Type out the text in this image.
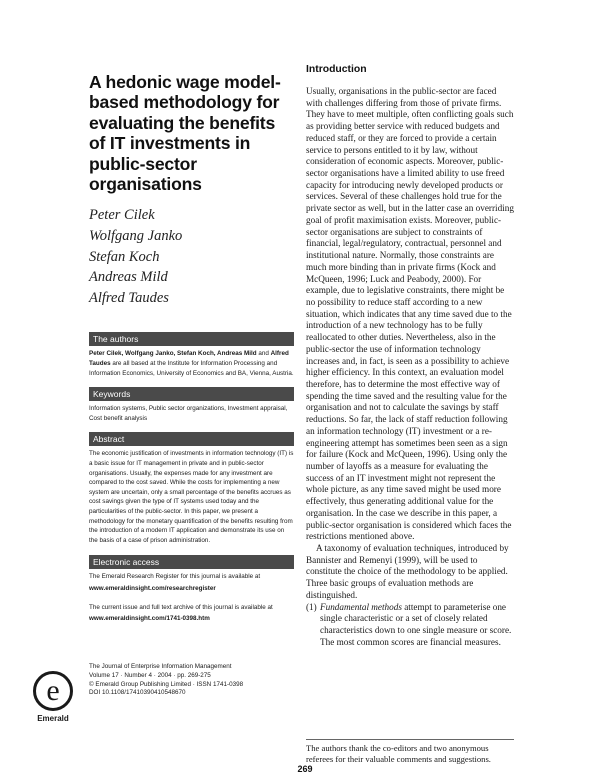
A hedonic wage model-based methodology for evaluating the benefits of IT investments in public-sector organisations
Peter Cilek
Wolfgang Janko
Stefan Koch
Andreas Mild
Alfred Taudes
The authors

Peter Cilek, Wolfgang Janko, Stefan Koch, Andreas Mild and Alfred Taudes are all based at the Institute for Information Processing and Information Economics, University of Economics and BA, Vienna, Austria.

Keywords

Information systems, Public sector organizations, Investment appraisal, Cost benefit analysis

Abstract

The economic justification of investments in information technology (IT) is a basic issue for IT management in private and in public-sector organisations. Usually, the expenses made for any investment are compared to the cost saved. While the costs for implementing a new system are uncertain, only a small percentage of the benefits accrues as cost savings given the type of IT systems used today and the particularities of the public-sector. In this paper, we present a methodology for the monetary quantification of the benefits resulting from the introduction of a modern IT application and demonstrate its use on the basis of a case of prison administration.

Electronic access

The Emerald Research Register for this journal is available at

www.emeraldinsight.com/researchregister

The current issue and full text archive of this journal is available at

www.emeraldinsight.com/1741-0398.htm

e
Emerald
The Journal of Enterprise Information Management
Volume 17 · Number 4 · 2004 · pp. 269-275
© Emerald Group Publishing Limited · ISSN 1741-0398
DOI 10.1108/17410390410548670
Introduction

Usually, organisations in the public-sector are faced with challenges differing from those of private firms. They have to meet multiple, often conflicting goals such as providing better service with reduced budgets and reduced staff, or they are forced to provide a certain service to persons entitled to it by law, without consideration of economic aspects. Moreover, public-sector organisations have a limited ability to use freed capacity for introducing newly developed products or services. Several of these challenges hold true for the private sector as well, but in the latter case an overriding goal of profit maximisation exists. Moreover, public-sector organisations are subject to constraints of financial, legal/regulatory, contractual, personnel and institutional nature. Normally, those constraints are much more binding than in private firms (Kock and McQueen, 1996; Luck and Peabody, 2000). For example, due to legislative constraints, there might be no possibility to reduce staff according to a new situation, which indicates that any time saved due to the introduction of a new technology has to be fully reallocated to other duties. Nevertheless, also in the public-sector the use of information technology increases and, in fact, is seen as a possibility to achieve higher efficiency. In this context, an evaluation model therefore, has to determine the most effective way of spending the time saved and the resulting value for the organisation and not to calculate the savings by staff reductions. So far, the lack of staff reduction following an information technology (IT) investment or a re-engineering attempt has sometimes been seen as a sign for failure (Kock and McQueen, 1996). Using only the number of layoffs as a measure for evaluating the success of an IT investment might not represent the whole picture, as any time saved might be used more effectively, thus generating additional value for the organisation. In the case we describe in this paper, a public-sector organisation is considered which faces the restrictions mentioned above.

A taxonomy of evaluation techniques, introduced by Bannister and Remenyi (1999), will be used to constitute the choice of the methodology to be applied. Three basic groups of evaluation methods are distinguished.

(1) Fundamental methods attempt to parameterise one single characteristic or a set of closely related characteristics down to one single measure or score. The most common scores are financial measures.
The authors thank the co-editors and two anonymous referees for their valuable comments and suggestions.
269
